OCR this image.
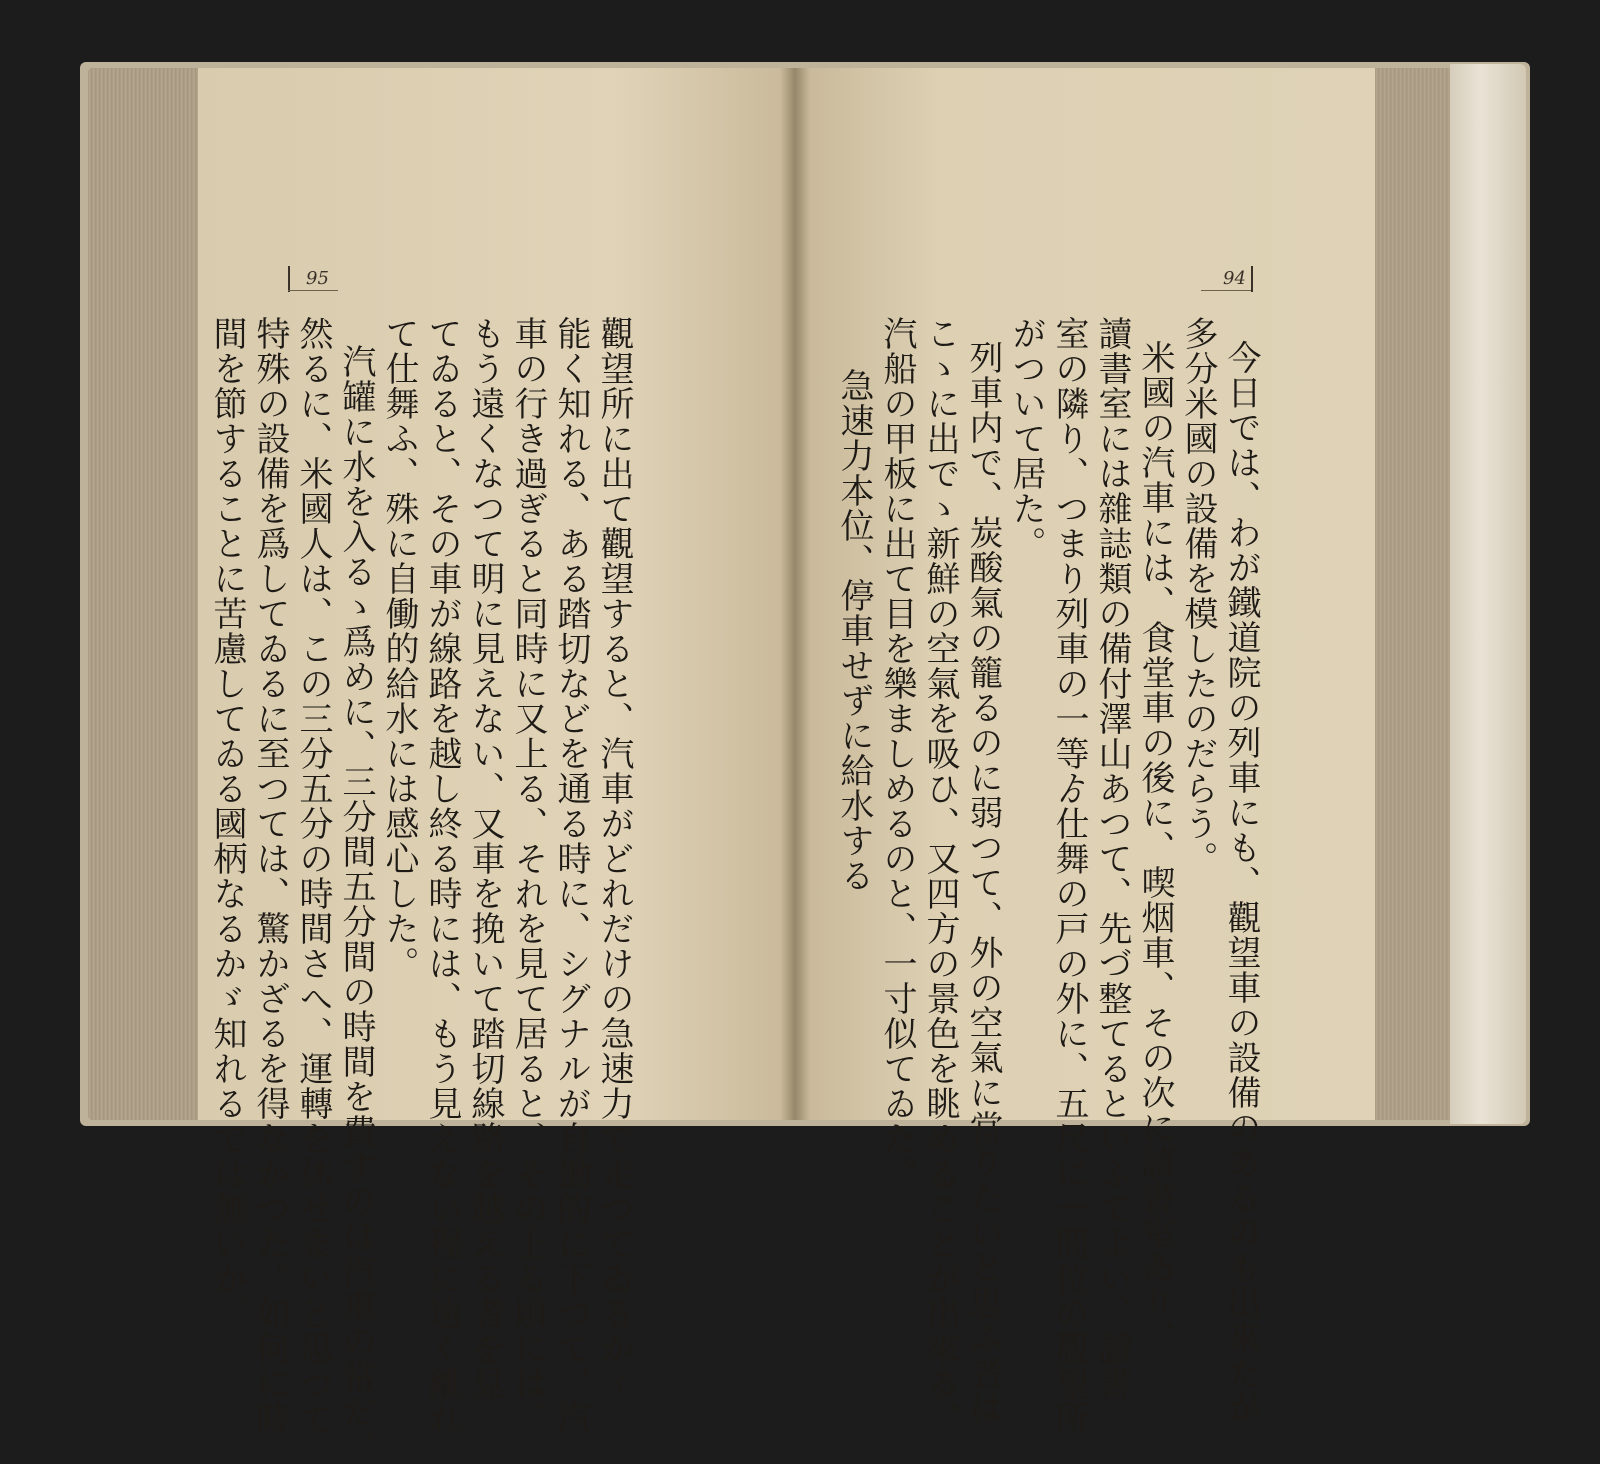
95
觀望所に出て觀望すると、汽車がどれだけの急速力で走つてゐるかゞ
能く知れる、ある踏切などを通る時に、シグナルが自働的に下つて、汽
車の行き過ぎると同時に又上る、それを見て居ると、その上る頃には、
もう遠くなつて明に見えない、又車を挽いて踏切線路を越える者を見
てゐると、その車が線路を越し終る時には、もう見えない程に遠く離れ
て仕舞ふ、殊に自働的給水には感心した。
汽罐に水を入るゝ爲めに、三分間五分間の時間を費すのは汽車の常だ、
然るに、米國人は、この三分五分の時間さへ、運轉を休せまいと思つて
特殊の設備を爲してゐるに至つては、驚かざるを得なかつた。如何に時
間を節することに苦慮してゐる國柄なるかゞ知れるでは無いか。
94
今日では、わが鐵道院の列車にも、觀望車の設備のあるのも出來たが
多分米國の設備を模したのだらう。
米國の汽車には、食堂車の後に、喫烟車、その次に讀書室あり、
讀書室には雜誌類の備付澤山あつて、先づ整てるといふてよい、讀書
室の隣り、つまり列車の一等ゟ仕舞の戸の外に、五尺に一間位の觀望所
がついて居た。
列車内で、炭酸氣の籠るのに弱つて、外の空氣に當りたいと思ふ者は
こゝに出でゝ新鮮の空氣を吸ひ、又四方の景色を眺めることが出來る、
汽船の甲板に出て目を樂ましめるのと、一寸似てゐた。
急速力本位、停車せずに給水する
